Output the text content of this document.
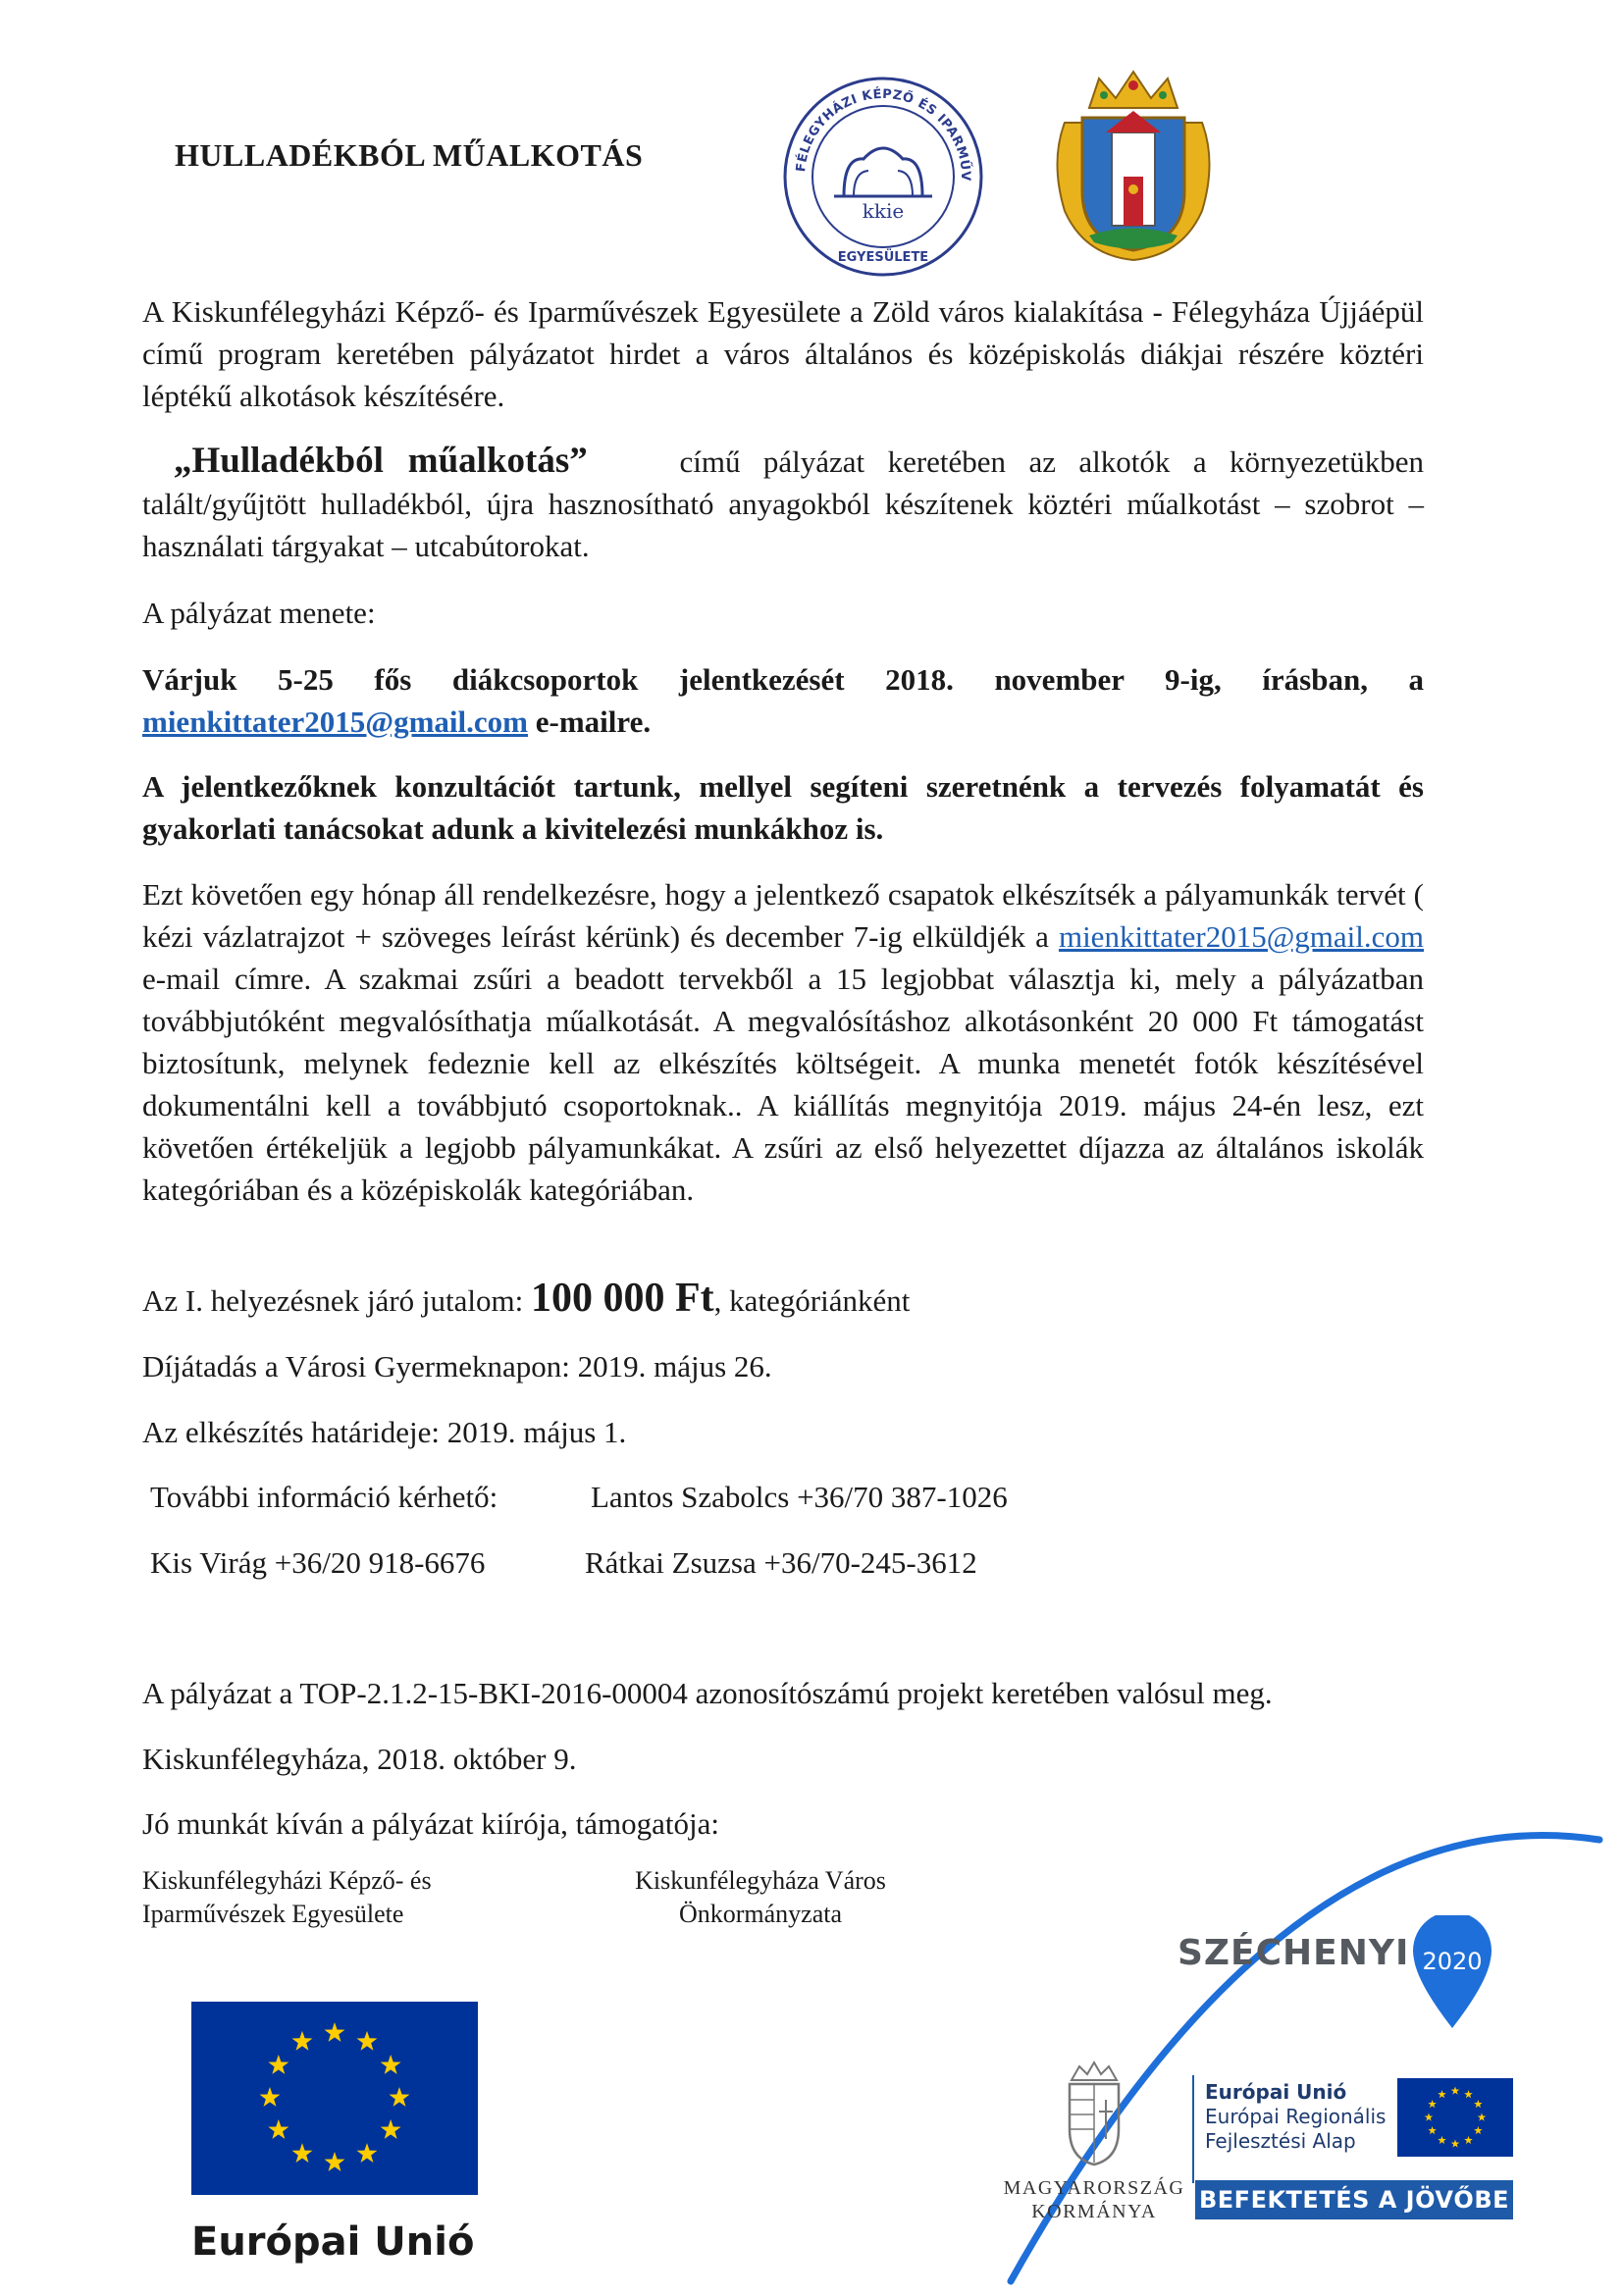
HULLADÉKBÓL MŰALKOTÁS	FÉLEGYHÁZI KÉPZŐ ÉS IPARMŰV
kkie
EGYESÜLETE
A Kiskunfélegyházi Képző- és Iparművészek Egyesülete a Zöld város kialakítása - Félegyháza Újjáépül című program keretében pályázatot hirdet a város általános és középiskolás diákjai részére köztéri léptékű alkotások készítésére.
„Hulladékból műalkotás”	című pályázat keretében az alkotók a környezetükben talált/gyűjtött hulladékból, újra hasznosítható anyagokból készítenek köztéri műalkotást – szobrot – használati tárgyakat – utcabútorokat.
A pályázat menete:
Várjuk 5-25 fős diákcsoportok jelentkezését 2018. november 9-ig, írásban, a mienkittater2015@gmail.com e-mailre.
A jelentkezőknek konzultációt tartunk, mellyel segíteni szeretnénk a tervezés folyamatát és gyakorlati tanácsokat adunk a kivitelezési munkákhoz is.
Ezt követően egy hónap áll rendelkezésre, hogy a jelentkező csapatok elkészítsék a pályamunkák tervét ( kézi vázlatrajzot + szöveges leírást kérünk) és december 7-ig elküldjék a mienkittater2015@gmail.com e-mail címre. A szakmai zsűri a beadott tervekből a 15 legjobbat választja ki, mely a pályázatban továbbjutóként megvalósíthatja műalkotását. A megvalósításhoz alkotásonként 20 000 Ft támogatást biztosítunk, melynek fedeznie kell az elkészítés költségeit. A munka menetét fotók készítésével dokumentálni kell a továbbjutó csoportoknak.. A kiállítás megnyitója 2019. május 24-én lesz, ezt követően értékeljük a legjobb pályamunkákat. A zsűri az első helyezettet díjazza az általános iskolák kategóriában és a középiskolák kategóriában.
Az I. helyezésnek járó jutalom: 100 000 Ft, kategóriánként
Díjátadás a Városi Gyermeknapon: 2019. május 26.
Az elkészítés határideje: 2019. május 1.
További információ kérhető:	Lantos Szabolcs +36/70 387-1026
Kis Virág +36/20 918-6676	Rátkai Zsuzsa +36/70-245-3612
A pályázat a TOP-2.1.2-15-BKI-2016-00004 azonosítószámú projekt keretében valósul meg.
Kiskunfélegyháza, 2018. október 9.
Jó munkát kíván a pályázat kiírója, támogatója:
Kiskunfélegyházi Képző- és
Iparművészek Egyesülete
Kiskunfélegyháza Város
Önkormányzata
SZÉCHENYI 2020
Európai Unió
MAGYARORSZÁG
KORMÁNYA
Európai Unió
Európai Regionális
Fejlesztési Alap
BEFEKTETÉS A JÖVŐBE
